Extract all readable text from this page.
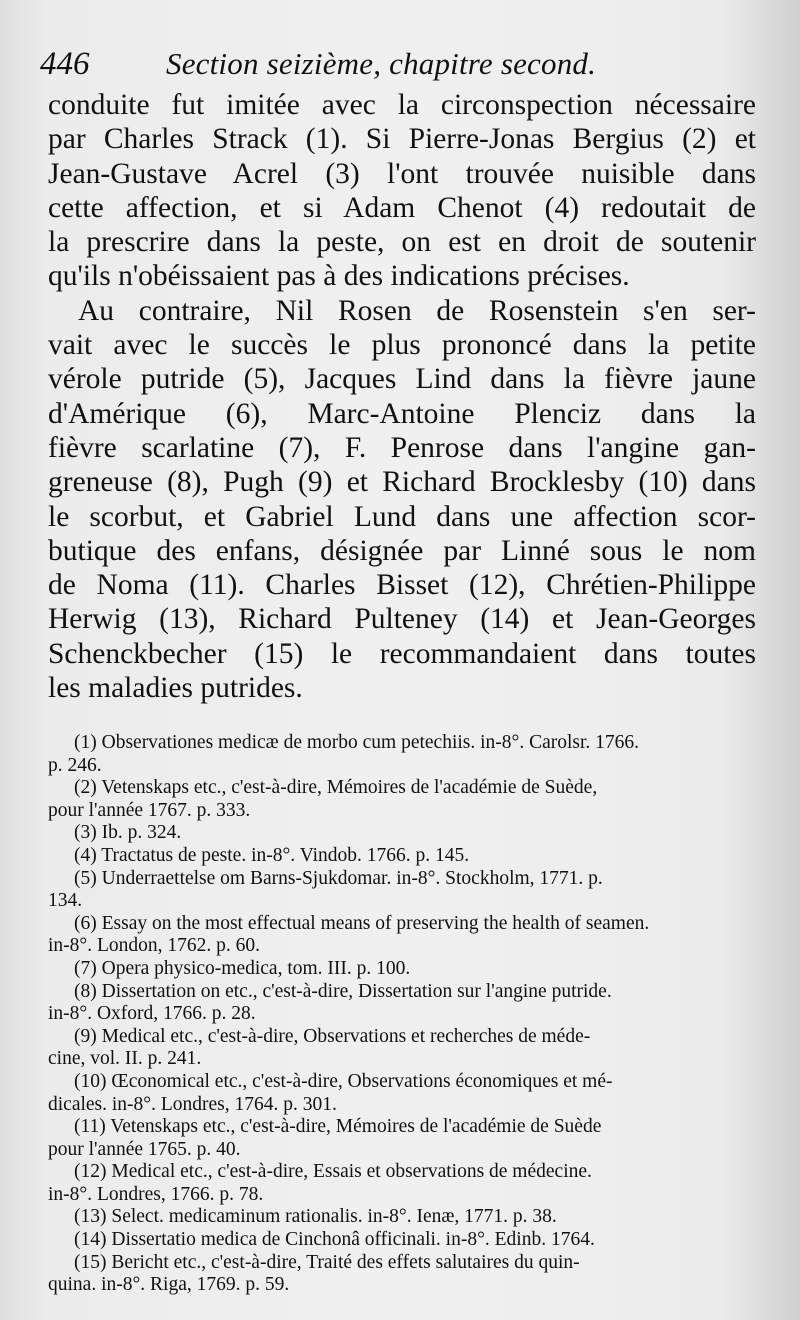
446 Section seizième, chapitre second.

conduite fut imitée avec la circonspection nécessaire
par Charles Strack (1). Si Pierre-Jonas Bergius (2) et
Jean-Gustave Acrel (3) l'ont trouvée nuisible dans
cette affection, et si Adam Chenot (4) redoutait de
la prescrire dans la peste, on est en droit de soutenir
qu'ils n'obéissaient pas à des indications précises.

Au contraire, Nil Rosen de Rosenstein s'en ser-
vait avec le succès le plus prononcé dans la petite
vérole putride (5), Jacques Lind dans la fièvre jaune
d'Amérique (6), Marc-Antoine Plenciz dans la
fièvre scarlatine (7), F. Penrose dans l'angine gan-
greneuse (8), Pugh (9) et Richard Brocklesby (10) dans
le scorbut, et Gabriel Lund dans une affection scor-
butique des enfans, désignée par Linné sous le nom
de Noma (11). Charles Bisset (12), Chrétien-Philippe
Herwig (13), Richard Pulteney (14) et Jean-Georges
Schenckbecher (15) le recommandaient dans toutes
les maladies putrides.

(1) Observationes medicæ de morbo cum petechiis. in-8°. Carolsr. 1766.
p. 246.
(2) Vetenskaps etc., c'est-à-dire, Mémoires de l'académie de Suède,
pour l'année 1767. p. 333.
(3) Ib. p. 324.
(4) Tractatus de peste. in-8°. Vindob. 1766. p. 145.
(5) Underraettelse om Barns-Sjukdomar. in-8°. Stockholm, 1771. p.
134.
(6) Essay on the most effectual means of preserving the health of seamen.
in-8°. London, 1762. p. 60.
(7) Opera physico-medica, tom. III. p. 100.
(8) Dissertation on etc., c'est-à-dire, Dissertation sur l'angine putride.
in-8°. Oxford, 1766. p. 28.
(9) Medical etc., c'est-à-dire, Observations et recherches de méde-
cine, vol. II. p. 241.
(10) Œconomical etc., c'est-à-dire, Observations économiques et mé-
dicales. in-8°. Londres, 1764. p. 301.
(11) Vetenskaps etc., c'est-à-dire, Mémoires de l'académie de Suède
pour l'année 1765. p. 40.
(12) Medical etc., c'est-à-dire, Essais et observations de médecine.
in-8°. Londres, 1766. p. 78.
(13) Select. medicaminum rationalis. in-8°. Ienæ, 1771. p. 38.
(14) Dissertatio medica de Cinchonâ officinali. in-8°. Edinb. 1764.
(15) Bericht etc., c'est-à-dire, Traité des effets salutaires du quin-
quina. in-8°. Riga, 1769. p. 59.
